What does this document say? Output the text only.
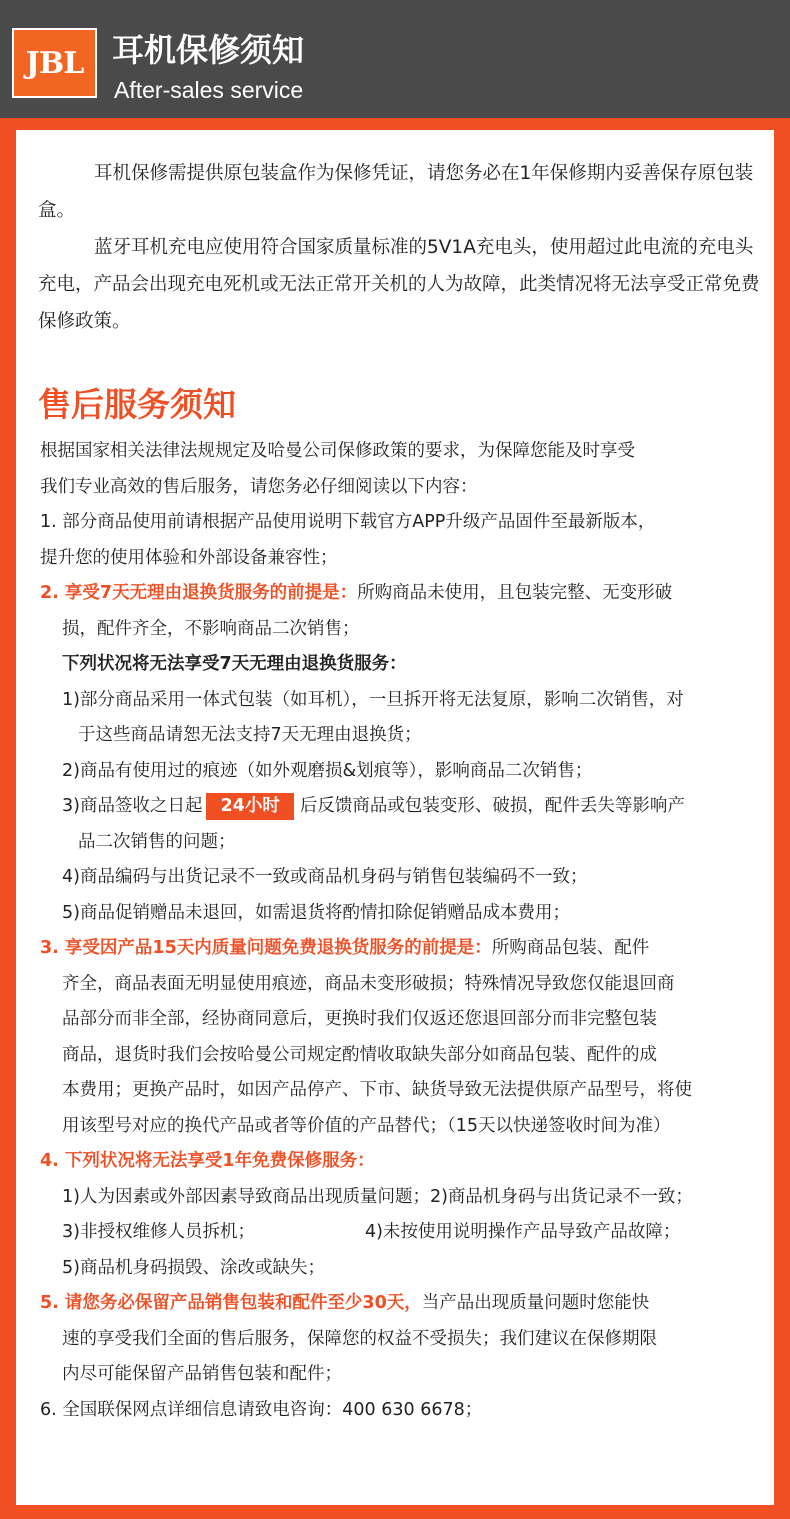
JBL 耳机保修须知
After-sales service

耳机保修需提供原包装盒作为保修凭证，请您务必在1年保修期内妥善保存原包装盒。

蓝牙耳机充电应使用符合国家质量标准的5V1A充电头，使用超过此电流的充电头充电，产品会出现充电死机或无法正常开关机的人为故障，此类情况将无法享受正常免费保修政策。

售后服务须知

根据国家相关法律法规规定及哈曼公司保修政策的要求，为保障您能及时享受

我们专业高效的售后服务，请您务必仔细阅读以下内容：

1. 部分商品使用前请根据产品使用说明下载官方APP升级产品固件至最新版本，

提升您的使用体验和外部设备兼容性；

2. 享受7天无理由退换货服务的前提是：所购商品未使用，且包装完整、无变形破

损，配件齐全，不影响商品二次销售；

下列状况将无法享受7天无理由退换货服务：

1)部分商品采用一体式包装（如耳机），一旦拆开将无法复原，影响二次销售，对

于这些商品请恕无法支持7天无理由退换货；

2)商品有使用过的痕迹（如外观磨损&划痕等），影响商品二次销售；

3)商品签收之日起 24小时 后反馈商品或包装变形、破损，配件丢失等影响产

品二次销售的问题；

4)商品编码与出货记录不一致或商品机身码与销售包装编码不一致；

5)商品促销赠品未退回，如需退货将酌情扣除促销赠品成本费用；

3. 享受因产品15天内质量问题免费退换货服务的前提是：所购商品包装、配件

齐全，商品表面无明显使用痕迹，商品未变形破损；特殊情况导致您仅能退回商

品部分而非全部，经协商同意后，更换时我们仅返还您退回部分而非完整包装

商品，退货时我们会按哈曼公司规定酌情收取缺失部分如商品包装、配件的成

本费用；更换产品时，如因产品停产、下市、缺货导致无法提供原产品型号，将使

用该型号对应的换代产品或者等价值的产品替代；（15天以快递签收时间为准）

4. 下列状况将无法享受1年免费保修服务：

1)人为因素或外部因素导致商品出现质量问题；2)商品机身码与出货记录不一致；

3)非授权维修人员拆机；	4)未按使用说明操作产品导致产品故障；

5)商品机身码损毁、涂改或缺失；

5. 请您务必保留产品销售包装和配件至少30天，当产品出现质量问题时您能快

速的享受我们全面的售后服务，保障您的权益不受损失；我们建议在保修期限

内尽可能保留产品销售包装和配件；

6. 全国联保网点详细信息请致电咨询：400 630 6678；
